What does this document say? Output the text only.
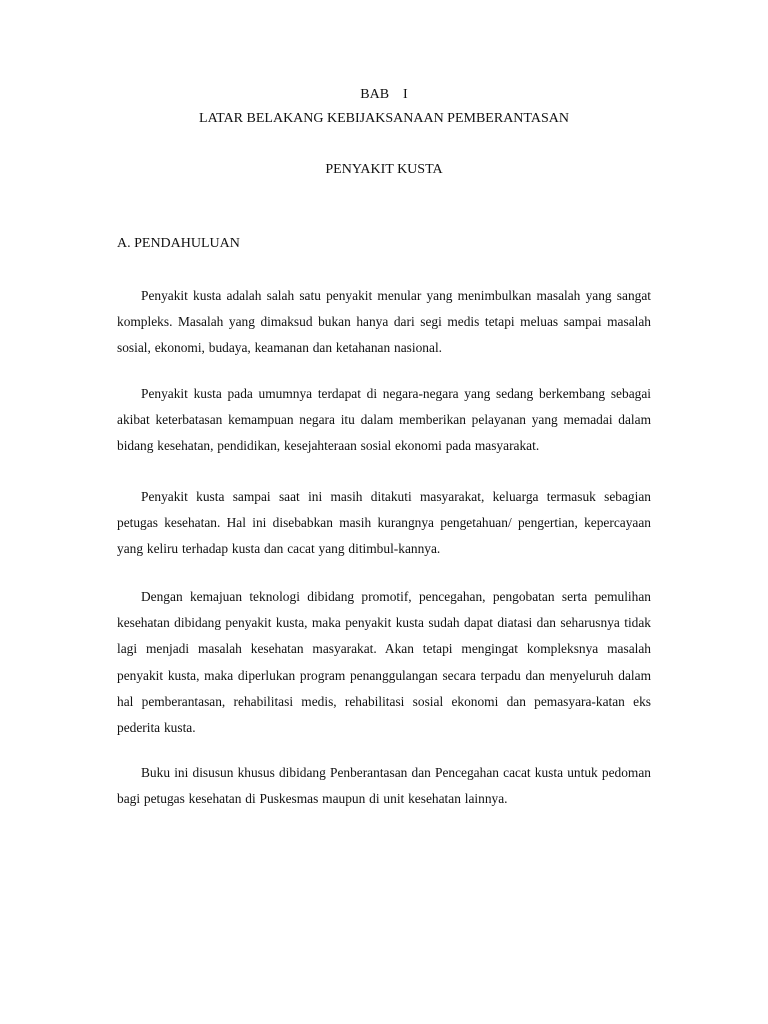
BAB    I
LATAR BELAKANG KEBIJAKSANAAN PEMBERANTASAN
PENYAKIT KUSTA
A. PENDAHULUAN

Penyakit kusta adalah salah satu penyakit menular yang menimbulkan masalah yang sangat kompleks. Masalah yang dimaksud bukan hanya dari segi medis tetapi meluas sampai masalah sosial, ekonomi, budaya, keamanan dan ketahanan nasional.

Penyakit kusta pada umumnya terdapat di negara-negara yang sedang berkembang sebagai akibat keterbatasan kemampuan negara itu dalam memberikan pelayanan yang memadai dalam bidang kesehatan, pendidikan, kesejahteraan sosial ekonomi pada masyarakat.

Penyakit kusta sampai saat ini masih ditakuti masyarakat, keluarga termasuk sebagian petugas kesehatan. Hal ini disebabkan masih kurangnya pengetahuan/ pengertian, kepercayaan yang keliru terhadap kusta dan cacat yang ditimbul-kannya.

Dengan kemajuan teknologi dibidang promotif, pencegahan, pengobatan serta pemulihan kesehatan dibidang penyakit kusta, maka penyakit kusta sudah dapat diatasi dan seharusnya tidak lagi menjadi masalah kesehatan masyarakat. Akan tetapi mengingat kompleksnya masalah penyakit kusta, maka diperlukan program penanggulangan secara terpadu dan menyeluruh dalam hal pemberantasan, rehabilitasi medis, rehabilitasi sosial ekonomi dan pemasyara-katan eks pederita kusta.

Buku ini disusun khusus dibidang Penberantasan dan Pencegahan cacat kusta untuk pedoman bagi petugas kesehatan di Puskesmas maupun di unit kesehatan lainnya.
